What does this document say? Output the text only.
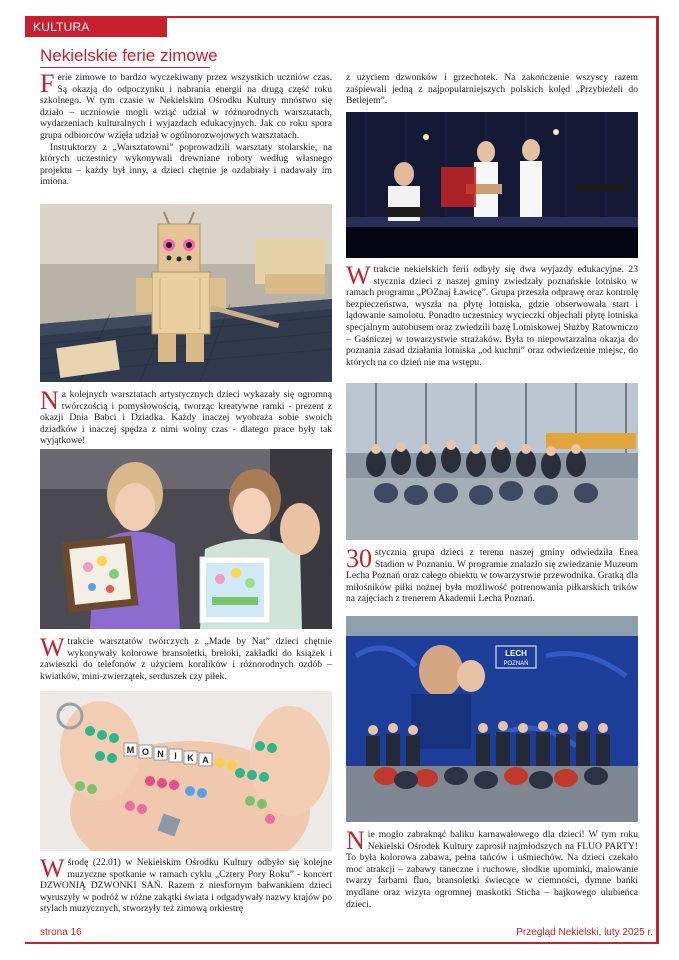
KULTURA
Nekielskie ferie zimowe

Ferie zimowe to bardzo wyczekiwany przez wszystkich uczniów czas. Są okazją do odpoczynku i nabrania energii na drugą część roku szkolnego. W tym czasie w Nekielskim Ośrodku Kultury mnóstwo się działo – uczniowie mogli wziąć udział w różnorodnych warsztatach, wydarzeniach kulturalnych i wyjazdach edukacyjnych. Jak co roku spora grupa odbiorców wzięła udział w ogólnorozwojowych warsztatach.

Instruktorzy z „Warsztatowni” poprowadzili warsztaty stolarskie, na których uczestnicy wykonywali drewniane roboty według własnego projektu – każdy był inny, a dzieci chętnie je ozdabiały i nadawały im imiona.

Na kolejnych warsztatach artystycznych dzieci wykazały się ogromną twórczością i pomysłowością, tworząc kreatywne ramki - prezent z okazji Dnia Babci i Dziadka. Każdy inaczej wyobraża sobie swoich dziadków i inaczej spędza z nimi wolny czas - dlatego prace były tak wyjątkowe!

W trakcie warsztatów twórczych z „Made by Nat” dzieci chętnie wykonywały kolorowe bransoletki, breloki, zakładki do książek i zawieszki do telefonów z użyciem koralików i różnorodnych ozdób – kwiatków, mini-zwierzątek, serduszek czy piłek.

M O N I K A

W środę (22.01) w Nekielskim Ośrodku Kultury odbyło się kolejne muzyczne spotkanie w ramach cyklu „Cztery Pory Roku” - koncert DZWONIĄ DZWONKI SAŃ. Razem z niesfornym bałwankiem dzieci wyruszyły w podróż w różne zakątki świata i odgadywały nazwy krajów po stylach muzycznych, stworzyły też zimową orkiestrę

z użyciem dzwonków i grzechotek. Na zakończenie wszyscy razem zaśpiewali jedną z najpopularniejszych polskich kolęd „Przybieżeli do Betlejem”.

W trakcie nekielskich ferii odbyły się dwa wyjazdy edukacyjne. 23 stycznia dzieci z naszej gminy zwiedzały poznańskie lotnisko w ramach programu „POZnaj Ławicę”. Grupa przeszła odprawę oraz kontrolę bezpieczeństwa, wyszła na płytę lotniska, gdzie obserwowała start i lądowanie samolotu. Ponadto uczestnicy wycieczki objechali płytę lotniska specjalnym autobusem oraz zwiedzili bazę Lotniskowej Służby Ratowniczo – Gaśniczej w towarzystwie strażaków. Była to niepowtarzalna okazja do poznania zasad działania lotniska „od kuchni” oraz odwiedzenie miejsc, do których na co dzień nie ma wstępu.

30 stycznia grupa dzieci z terenu naszej gminy odwiedziła Enea Stadion w Poznaniu. W programie znalazło się zwiedzanie Muzeum Lecha Poznań oraz całego obiektu w towarzystwie przewodnika. Gratką dla miłośników piłki nożnej była możliwość potrenowania piłkarskich trików na zajęciach z trenerem Akademii Lecha Poznań.

LECH
POZNAŃ

Nie mogło zabraknąć baliku karnawałowego dla dzieci! W tym roku Nekielski Ośrodek Kultury zaprosił najmłodszych na FLUO PARTY! To była kolorowa zabawa, pełna tańców i uśmiechów. Na dzieci czekało moc atrakcji – zabawy taneczne i ruchowe, słodkie upominki, malowanie twarzy farbami fluo, bransoletki świecące w ciemności, dymne bańki mydlane oraz wizyta ogromnej maskotki Sticha – bajkowego ulubieńca dzieci.

strona 16	Przegląd Nekielski, luty 2025 r.
